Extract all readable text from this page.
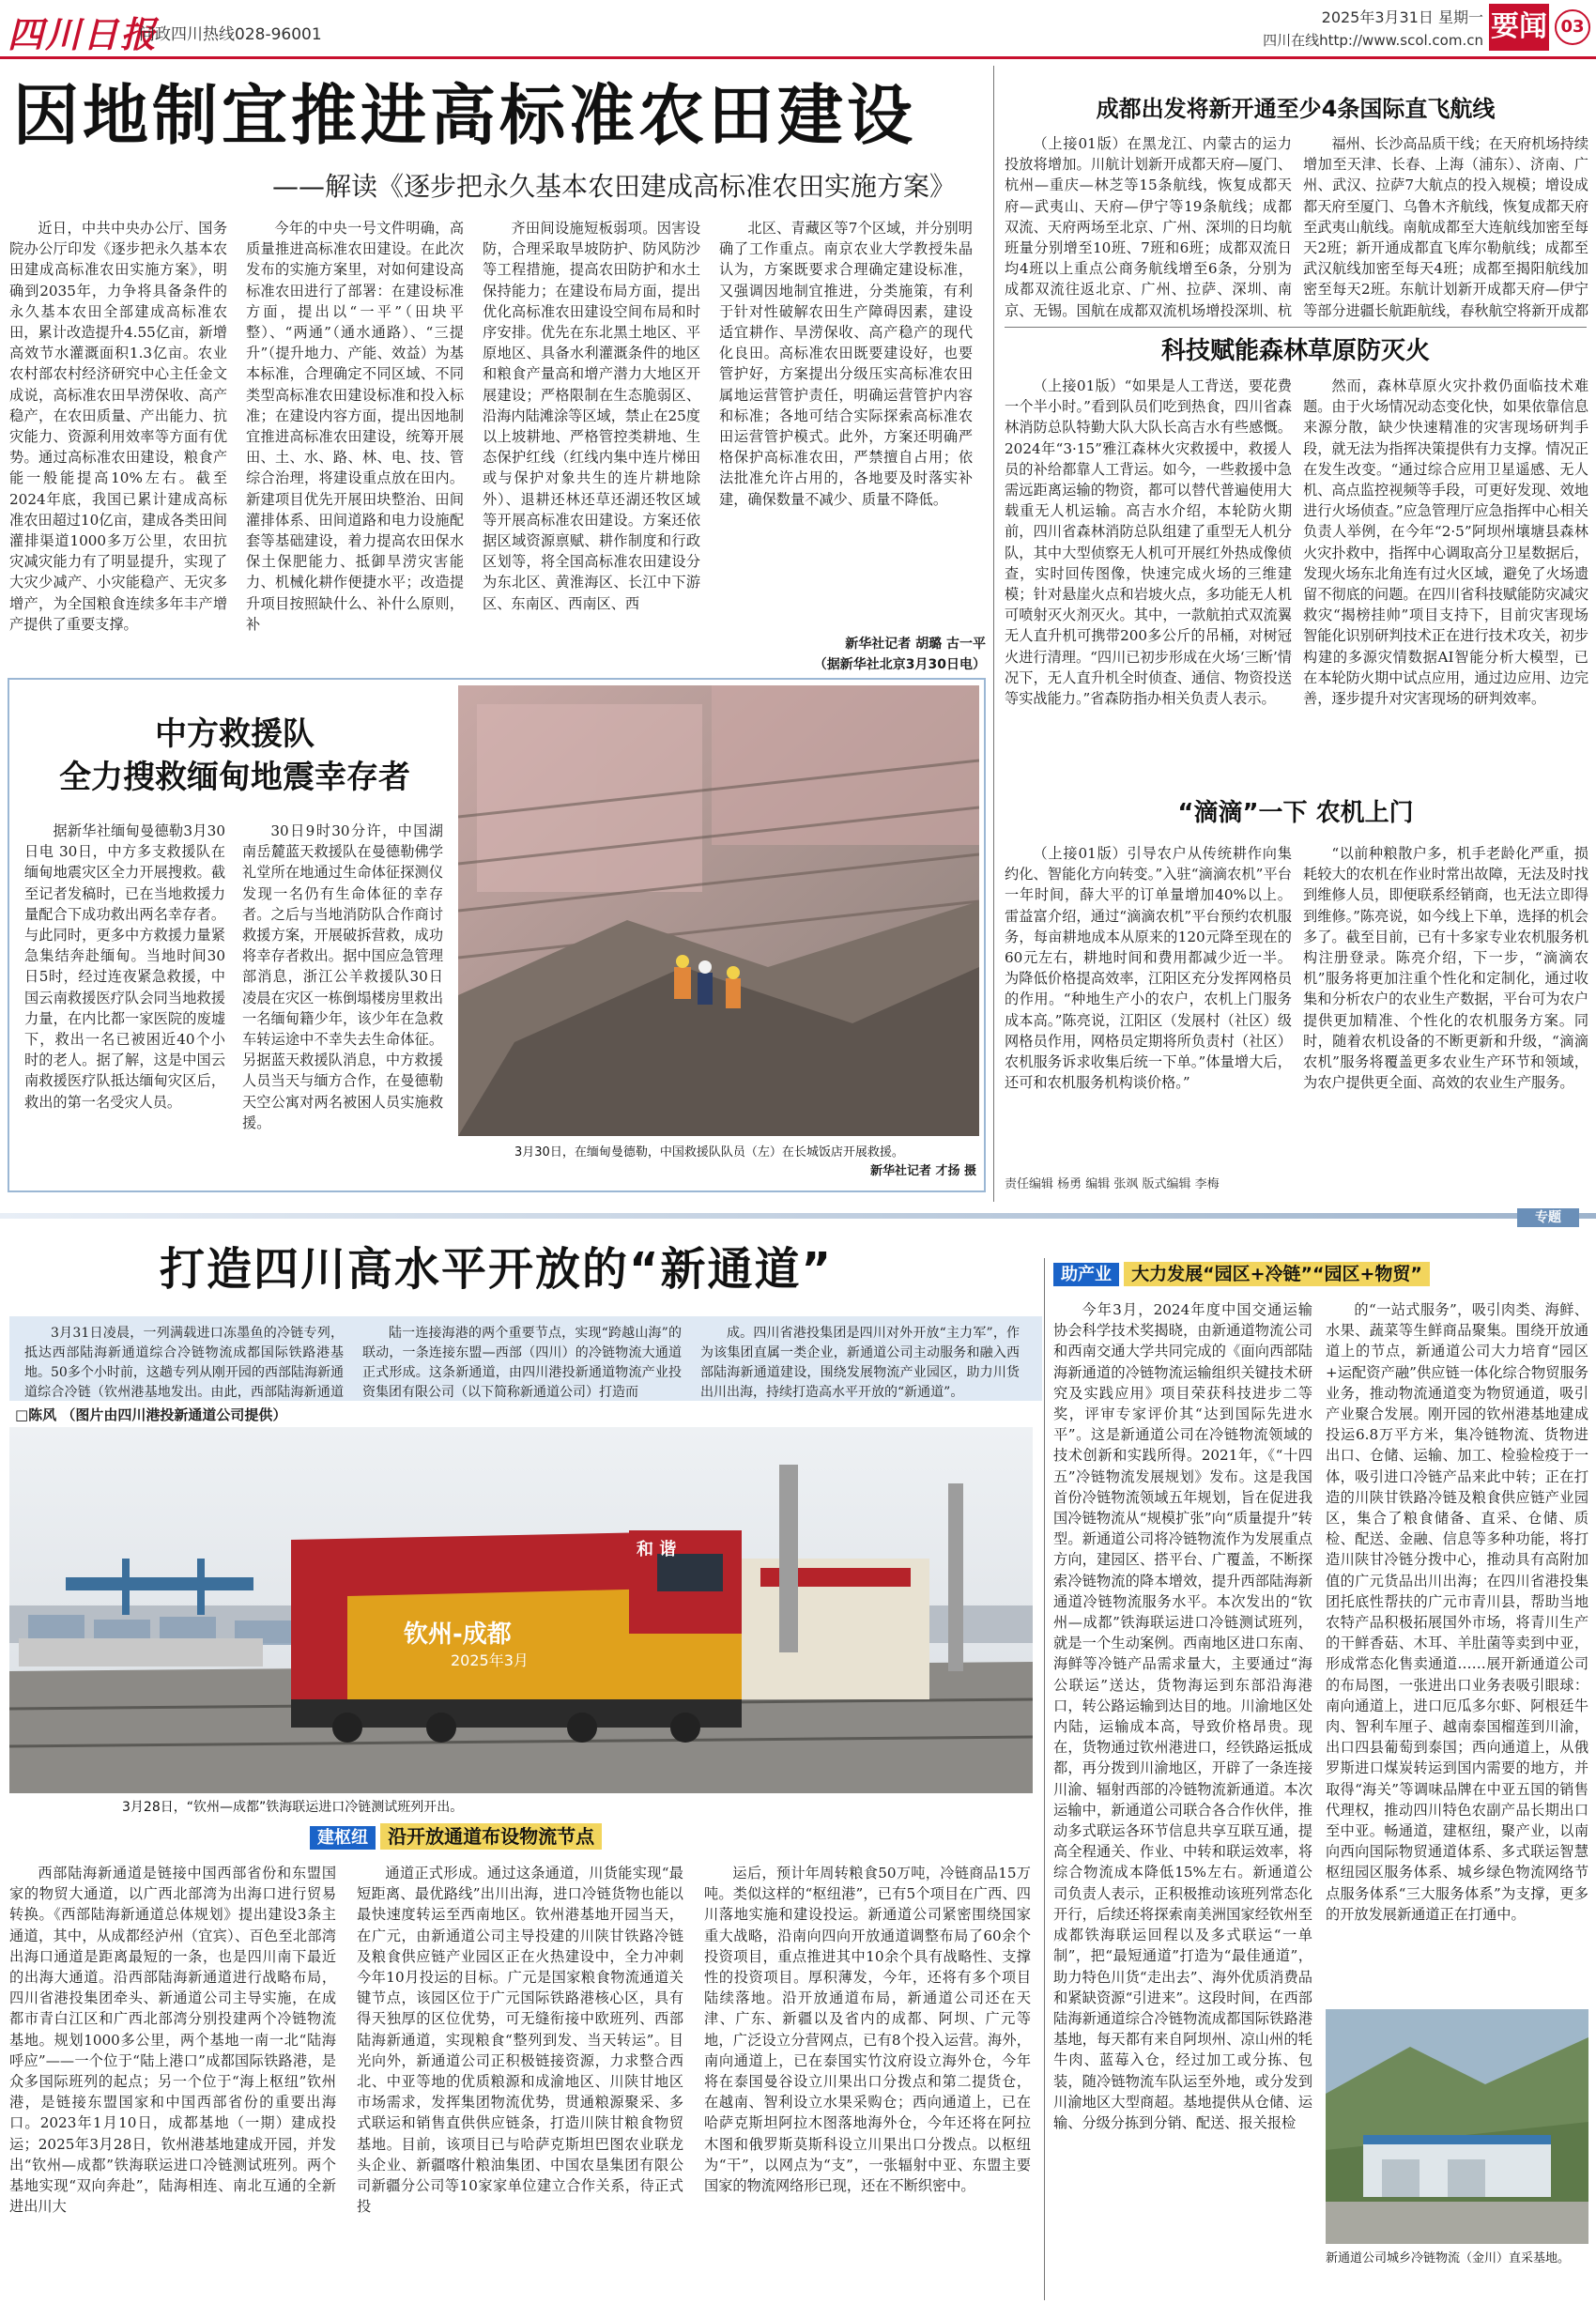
四川日报
问政四川热线028-96001
2025年3月31日 星期一
四川在线http://www.scol.com.cn 要闻 03
因地制宜推进高标准农田建设
——解读《逐步把永久基本农田建成高标准农田实施方案》

近日，中共中央办公厅、国务院办公厅印发《逐步把永久基本农田建成高标准农田实施方案》，明确到2035年，力争将具备条件的永久基本农田全部建成高标准农田，累计改造提升4.55亿亩，新增高效节水灌溉面积1.3亿亩。农业农村部农村经济研究中心主任金文成说，高标准农田旱涝保收、高产稳产，在农田质量、产出能力、抗灾能力、资源利用效率等方面有优势。通过高标准农田建设，粮食产能一般能提高10%左右。截至2024年底，我国已累计建成高标准农田超过10亿亩，建成各类田间灌排渠道1000多万公里，农田抗灾减灾能力有了明显提升，实现了大灾少减产、小灾能稳产、无灾多增产，为全国粮食连续多年丰产增产提供了重要支撑。

今年的中央一号文件明确，高质量推进高标准农田建设。在此次发布的实施方案里，对如何建设高标准农田进行了部署：在建设标准方面，提出以“一平”（田块平整）、“两通”（通水通路）、“三提升”（提升地力、产能、效益）为基本标准，合理确定不同区域、不同类型高标准农田建设标准和投入标准；在建设内容方面，提出因地制宜推进高标准农田建设，统筹开展田、土、水、路、林、电、技、管综合治理，将建设重点放在田内。新建项目优先开展田块整治、田间灌排体系、田间道路和电力设施配套等基础建设，着力提高农田保水保土保肥能力、抵御旱涝灾害能力、机械化耕作便捷水平；改造提升项目按照缺什么、补什么原则，补

齐田间设施短板弱项。因害设防，合理采取旱坡防护、防风防沙等工程措施，提高农田防护和水土保持能力；在建设布局方面，提出优化高标准农田建设空间布局和时序安排。优先在东北黑土地区、平原地区、具备水利灌溉条件的地区和粮食产量高和增产潜力大地区开展建设；严格限制在生态脆弱区、沿海内陆滩涂等区域，禁止在25度以上坡耕地、严格管控类耕地、生态保护红线（红线内集中连片梯田或与保护对象共生的连片耕地除外）、退耕还林还草还湖还牧区域等开展高标准农田建设。方案还依据区域资源禀赋、耕作制度和行政区划等，将全国高标准农田建设分为东北区、黄淮海区、长江中下游区、东南区、西南区、西

北区、青藏区等7个区域，并分别明确了工作重点。南京农业大学教授朱晶认为，方案既要求合理确定建设标准，又强调因地制宜推进，分类施策，有利于针对性破解农田生产障碍因素，建设适宜耕作、旱涝保收、高产稳产的现代化良田。高标准农田既要建设好，也要管护好，方案提出分级压实高标准农田属地运营管护责任，明确运营管护内容和标准；各地可结合实际探索高标准农田运营管护模式。此外，方案还明确严格保护高标准农田，严禁擅自占用；依法批准允许占用的，各地要及时落实补建，确保数量不减少、质量不降低。

新华社记者 胡璐 古一平
（据新华社北京3月30日电）
中方救援队
全力搜救缅甸地震幸存者

据新华社缅甸曼德勒3月30日电 30日，中方多支救援队在缅甸地震灾区全力开展搜救。截至记者发稿时，已在当地救援力量配合下成功救出两名幸存者。与此同时，更多中方救援力量紧急集结奔赴缅甸。当地时间30日5时，经过连夜紧急救援，中国云南救援医疗队会同当地救援力量，在内比都一家医院的废墟下，救出一名已被困近40个小时的老人。据了解，这是中国云南救援医疗队抵达缅甸灾区后，救出的第一名受灾人员。

30日9时30分许，中国湖南岳麓蓝天救援队在曼德勒佛学礼堂所在地通过生命体征探测仪发现一名仍有生命体征的幸存者。之后与当地消防队合作商讨救援方案，开展破拆营救，成功将幸存者救出。据中国应急管理部消息，浙江公羊救援队30日凌晨在灾区一栋倒塌楼房里救出一名缅甸籍少年，该少年在急救车转运途中不幸失去生命体征。另据蓝天救援队消息，中方救援人员当天与缅方合作，在曼德勒天空公寓对两名被困人员实施救援。

3月30日，在缅甸曼德勒，中国救援队队员（左）在长城饭店开展救援。
新华社记者 才扬 摄
成都出发将新开通至少4条国际直飞航线

（上接01版）在黑龙江、内蒙古的运力投放将增加。川航计划新开成都天府—厦门、杭州—重庆—林芝等15条航线，恢复成都天府—武夷山、天府—伊宁等19条航线；成都双流、天府两场至北京、广州、深圳的日均航班量分别增至10班、7班和6班；成都双流日均4班以上重点公商务航线增至6条，分别为成都双流往返北京、广州、拉萨、深圳、南京、无锡。国航在成都双流机场增投深圳、杭

福州、长沙高品质干线；在天府机场持续增加至天津、长春、上海（浦东）、济南、广州、武汉、拉萨7大航点的投入规模；增设成都天府至厦门、乌鲁木齐航线，恢复成都天府至武夷山航线。南航成都至大连航线加密至每天2班；新开通成都直飞库尔勒航线；成都至武汉航线加密至每天4班；成都至揭阳航线加密至每天2班。东航计划新开成都天府—伊宁等部分进疆长航距航线，春秋航空将新开成都

科技赋能森林草原防灭火

（上接01版）“如果是人工背送，要花费一个半小时。”看到队员们吃到热食，四川省森林消防总队特勤大队大队长高吉水有些感慨。2024年“3·15”雅江森林火灾救援中，救援人员的补给都靠人工背运。如今，一些救援中急需远距离运输的物资，都可以替代普遍使用大载重无人机运输。高吉水介绍，本轮防火期前，四川省森林消防总队组建了重型无人机分队，其中大型侦察无人机可开展红外热成像侦查，实时回传图像，快速完成火场的三维建模；针对悬崖火点和岩坡火点，多功能无人机可喷射灭火剂灭火。其中，一款航拍式双流翼无人直升机可携带200多公斤的吊桶，对树冠火进行清理。“四川已初步形成在火场‘三断’情况下，无人直升机全时侦查、通信、物资投送等实战能力。”省森防指办相关负责人表示。

然而，森林草原火灾扑救仍面临技术难题。由于火场情况动态变化快，如果依靠信息来源分散，缺少快速精准的灾害现场研判手段，就无法为指挥决策提供有力支撑。情况正在发生改变。“通过综合应用卫星遥感、无人机、高点监控视频等手段，可更好发现、效地进行火场侦查。”应急管理厅应急指挥中心相关负责人举例，在今年“2·5”阿坝州壤塘县森林火灾扑救中，指挥中心调取高分卫星数据后，发现火场东北角连有过火区域，避免了火场遗留不彻底的问题。在四川省科技赋能防灾减灾救灾“揭榜挂帅”项目支持下，目前灾害现场智能化识别研判技术正在进行技术攻关，初步构建的多源灾情数据AI智能分析大模型，已在本轮防火期中试点应用，通过边应用、边完善，逐步提升对灾害现场的研判效率。

“滴滴”一下 农机上门

（上接01版）引导农户从传统耕作向集约化、智能化方向转变。”入驻“滴滴农机”平台一年时间，薛大平的订单量增加40%以上。雷益富介绍，通过“滴滴农机”平台预约农机服务，每亩耕地成本从原来的120元降至现在的60元左右，耕地时间和费用都减少近一半。为降低价格提高效率，江阳区充分发挥网格员的作用。“种地生产小的农户，农机上门服务成本高。”陈亮说，江阳区（发展村（社区）级网格员作用，网格员定期将所负责村（社区）农机服务诉求收集后统一下单。”体量增大后，还可和农机服务机构谈价格。”

“以前种粮散户多，机手老龄化严重，损耗较大的农机在作业时常出故障，无法及时找到维修人员，即便联系经销商，也无法立即得到维修。”陈亮说，如今线上下单，选择的机会多了。截至目前，已有十多家专业农机服务机构注册登录。陈亮介绍，下一步，“滴滴农机”服务将更加注重个性化和定制化，通过收集和分析农户的农业生产数据，平台可为农户提供更加精准、个性化的农机服务方案。同时，随着农机设备的不断更新和升级，“滴滴农机”服务将覆盖更多农业生产环节和领域，为农户提供更全面、高效的农业生产服务。

责任编辑 杨勇 编辑 张飒 版式编辑 李梅
专题
打造四川高水平开放的“新通道”

3月31日凌晨，一列满载进口冻墨鱼的冷链专列，抵达西部陆海新通道综合冷链物流成都国际铁路港基地。50多个小时前，这趟专列从刚开园的西部陆海新通道综合冷链（钦州港基地发出。由此，西部陆海新通道

陆一连接海港的两个重要节点，实现“跨越山海”的联动，一条连接东盟—西部（四川）的冷链物流大通道正式形成。这条新通道，由四川港投新通道物流产业投资集团有限公司（以下简称新通道公司）打造而

成。四川省港投集团是四川对外开放“主力军”，作为该集团直属一类企业，新通道公司主动服务和融入西部陆海新通道建设，围绕发展物流产业园区，助力川货出川出海，持续打造高水平开放的“新通道”。

□陈风 （图片由四川港投新通道公司提供）
和 谐
钦州-成都
2025年3月
3月28日，“钦州—成都”铁海联运进口冷链测试班列开出。
建枢纽 沿开放通道布设物流节点

西部陆海新通道是链接中国西部省份和东盟国家的物贸大通道，以广西北部湾为出海口进行贸易转换。《西部陆海新通道总体规划》提出建设3条主通道，其中，从成都经泸州（宜宾）、百色至北部湾出海口通道是距离最短的一条，也是四川南下最近的出海大通道。沿西部陆海新通道进行战略布局，四川省港投集团牵头、新通道公司主导实施，在成都市青白江区和广西北部湾分别投建两个冷链物流基地。规划1000多公里，两个基地一南一北“陆海呼应”——一个位于“陆上港口”成都国际铁路港，是众多国际班列的起点；另一个位于“海上枢纽”钦州港，是链接东盟国家和中国西部省份的重要出海口。2023年1月10日，成都基地（一期）建成投运；2025年3月28日，钦州港基地建成开园，并发出“钦州—成都”铁海联运进口冷链测试班列。两个基地实现“双向奔赴”，陆海相连、南北互通的全新进出川大

通道正式形成。通过这条通道，川货能实现“最短距离、最优路线”出川出海，进口冷链货物也能以最快速度转运至西南地区。钦州港基地开园当天，在广元，由新通道公司主导投建的川陕甘铁路冷链及粮食供应链产业园区正在火热建设中，全力冲刺今年10月投运的目标。广元是国家粮食物流通道关键节点，该园区位于广元国际铁路港核心区，具有得天独厚的区位优势，可无缝衔接中欧班列、西部陆海新通道，实现粮食“整列到发、当天转运”。目光向外，新通道公司正积极链接资源，力求整合西北、中亚等地的优质粮源和成渝地区、川陕甘地区市场需求，发挥集团物流优势，贯通粮源聚采、多式联运和销售直供供应链条，打造川陕甘粮食物贸基地。目前，该项目已与哈萨克斯坦巴图农业联龙头企业、新疆喀什粮油集团、中国农垦集团有限公司新疆分公司等10家家单位建立合作关系，待正式投

运后，预计年周转粮食50万吨，冷链商品15万吨。类似这样的“枢纽港”，已有5个项目在广西、四川落地实施和建设投运。新通道公司紧密围绕国家重大战略，沿南向四向开放通道调整布局了60余个投资项目，重点推进其中10余个具有战略性、支撑性的投资项目。厚积薄发，今年，还将有多个项目陆续落地。沿开放通道布局，新通道公司还在天津、广东、新疆以及省内的成都、阿坝、广元等地，广泛设立分营网点，已有8个投入运营。海外，南向通道上，已在泰国实竹汶府设立海外仓，今年将在泰国曼谷设立川果出口分拨点和第二提货仓，在越南、智利设立水果采购仓；西向通道上，已在哈萨克斯坦阿拉木图落地海外仓，今年还将在阿拉木图和俄罗斯莫斯科设立川果出口分拨点。以枢纽为“干”，以网点为“支”，一张辐射中亚、东盟主要国家的物流网络形已现，还在不断织密中。

助产业 大力发展“园区+冷链”“园区+物贸”

今年3月，2024年度中国交通运输协会科学技术奖揭晓，由新通道物流公司和西南交通大学共同完成的《面向西部陆海新通道的冷链物流运输组织关键技术研究及实践应用》项目荣获科技进步二等奖，评审专家评价其“达到国际先进水平”。这是新通道公司在冷链物流领域的技术创新和实践所得。2021年，《“十四五”冷链物流发展规划》发布。这是我国首份冷链物流领域五年规划，旨在促进我国冷链物流从“规模扩张”向“质量提升”转型。新通道公司将冷链物流作为发展重点方向，建园区、搭平台、广覆盖，不断探索冷链物流的降本增效，提升西部陆海新通道冷链物流服务水平。本次发出的“钦州—成都”铁海联运进口冷链测试班列，就是一个生动案例。西南地区进口东南、海鲜等冷链产品需求量大，主要通过“海公联运”送达，货物海运到东部沿海港口，转公路运输到达目的地。川渝地区处内陆，运输成本高，导致价格昂贵。现在，货物通过钦州港进口，经铁路运抵成都，再分拨到川渝地区，开辟了一条连接川渝、辐射西部的冷链物流新通道。本次运输中，新通道公司联合各合作伙伴，推动多式联运各环节信息共享互联互通，提高全程通关、作业、中转和联运效率，将综合物流成本降低15%左右。新通道公司负责人表示，正积极推动该班列常态化开行，后续还将探索南美洲国家经钦州至成都铁海联运回程以及多式联运“一单制”，把“最短通道”打造为“最佳通道”，助力特色川货“走出去”、海外优质消费品和紧缺资源“引进来”。这段时间，在西部陆海新通道综合冷链物流成都国际铁路港基地，每天都有来自阿坝州、凉山州的牦牛肉、蓝莓入仓，经过加工或分拣、包装，随冷链物流车队运至外地，或分发到川渝地区大型商超。基地提供从仓储、运输、分级分拣到分销、配送、报关报检

的“一站式服务”，吸引肉类、海鲜、水果、蔬菜等生鲜商品聚集。围绕开放通道上的节点，新通道公司大力培育“园区+运配资产融”供应链一体化综合物贸服务业务，推动物流通道变为物贸通道，吸引产业聚合发展。刚开园的钦州港基地建成投运6.8万平方米，集冷链物流、货物进出口、仓储、运输、加工、检验检疫于一体，吸引进口冷链产品来此中转；正在打造的川陕甘铁路冷链及粮食供应链产业园区，集合了粮食储备、直采、仓储、质检、配送、金融、信息等多种功能，将打造川陕甘冷链分拨中心，推动具有高附加值的广元货品出川出海；在四川省港投集团托底性帮扶的广元市青川县，帮助当地农特产品积极拓展国外市场，将青川生产的干鲜香菇、木耳、羊肚菌等卖到中亚，形成常态化售卖通道……展开新通道公司的布局图，一张进出口业务表吸引眼球：南向通道上，进口厄瓜多尔虾、阿根廷牛肉、智利车厘子、越南泰国榴莲到川渝，出口四县葡萄到泰国；西向通道上，从俄罗斯进口煤炭转运到国内需要的地方，并取得“海关”等调味品牌在中亚五国的销售代理权，推动四川特色农副产品长期出口至中亚。畅通道，建枢纽，聚产业，以南向西向国际物贸通道体系、多式联运智慧枢纽园区服务体系、城乡绿色物流网络节点服务体系“三大服务体系”为支撑，更多的开放发展新通道正在打通中。

新通道公司城乡冷链物流（金川）直采基地。
